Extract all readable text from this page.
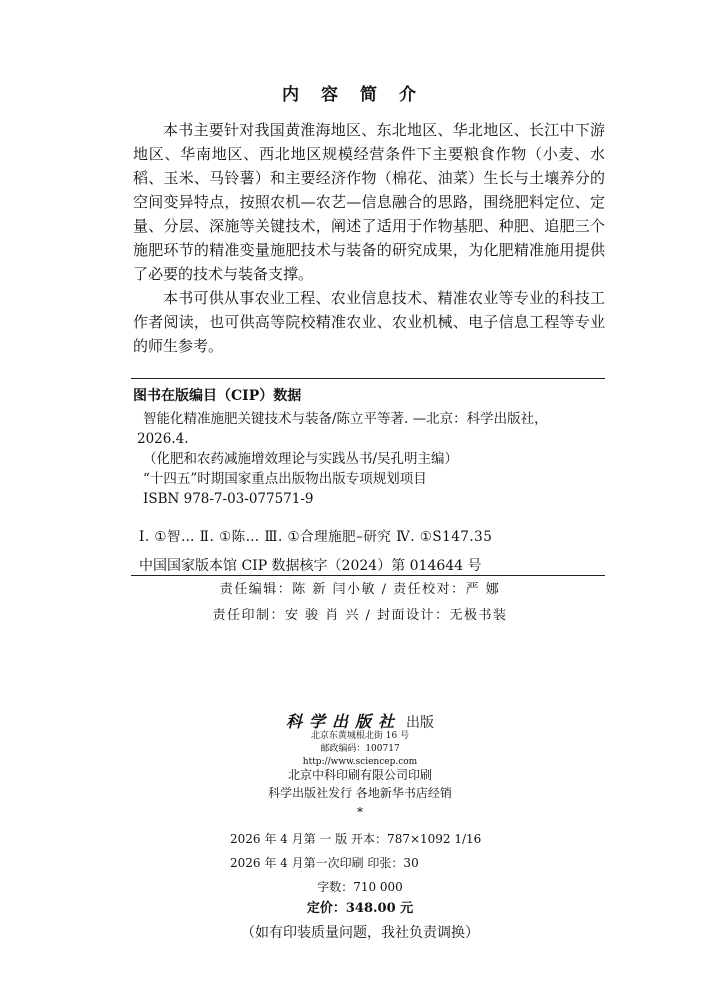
内容简介

本书主要针对我国黄淮海地区、东北地区、华北地区、长江中下游地区、华南地区、西北地区规模经营条件下主要粮食作物（小麦、水稻、玉米、马铃薯）和主要经济作物（棉花、油菜）生长与土壤养分的空间变异特点，按照农机—农艺—信息融合的思路，围绕肥料定位、定量、分层、深施等关键技术，阐述了适用于作物基肥、种肥、追肥三个施肥环节的精准变量施肥技术与装备的研究成果，为化肥精准施用提供了必要的技术与装备支撑。

本书可供从事农业工程、农业信息技术、精准农业等专业的科技工作者阅读，也可供高等院校精准农业、农业机械、电子信息工程等专业的师生参考。

图书在版编目（CIP）数据
智能化精准施肥关键技术与装备/陈立平等著. —北京：科学出版社，
2026.4.
（化肥和农药减施增效理论与实践丛书/吴孔明主编）
“十四五”时期国家重点出版物出版专项规划项目
ISBN 978-7-03-077571-9
Ⅰ. ①智… Ⅱ. ①陈… Ⅲ. ①合理施肥–研究 Ⅳ. ①S147.35
中国国家版本馆 CIP 数据核字（2024）第 014644 号
责任编辑：陈 新 闫小敏 / 责任校对：严 娜
责任印制：安 骏 肖 兴 / 封面设计：无极书装
科学出版社 出版
北京东黄城根北街 16 号
邮政编码：100717
http://www.sciencep.com
北京中科印刷有限公司印刷
科学出版社发行 各地新华书店经销
*
2026 年 4 月第 一 版 开本：787×1092 1/16
2026 年 4 月第一次印刷 印张：30
字数：710 000
定价：348.00 元
（如有印装质量问题，我社负责调换）
